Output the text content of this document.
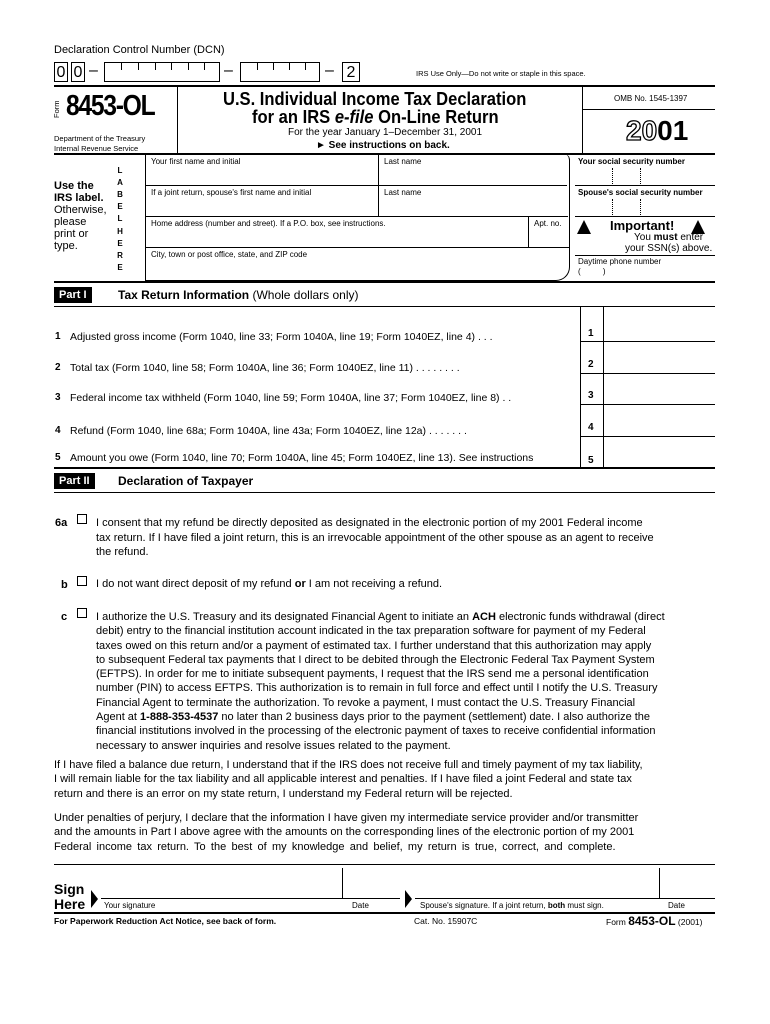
Declaration Control Number (DCN)
0 0 –	–	– 2	IRS Use Only—Do not write or staple in this space.
Form 8453-OL
Department of the Treasury
Internal Revenue Service
U.S. Individual Income Tax Declaration
for an IRS e-file On-Line Return
For the year January 1–December 31, 2001
► See instructions on back.
OMB No. 1545-1397
2001
Use the
IRS label.
Otherwise,
please
print or
type.
L
A
B
E
L
H
E
R
E
Your first name and initial	Last name
If a joint return, spouse's first name and initial	Last name
Home address (number and street). If a P.O. box, see instructions.	Apt. no.
City, town or post office, state, and ZIP code
Your social security number
Spouse's social security number
Important!
You must enter
your SSN(s) above.
Daytime phone number
(          )
Part I	Tax Return Information (Whole dollars only)
1 Adjusted gross income (Form 1040, line 33; Form 1040A, line 19; Form 1040EZ, line 4) . . .	1
2 Total tax (Form 1040, line 58; Form 1040A, line 36; Form 1040EZ, line 11) . . . . . . . .	2
3 Federal income tax withheld (Form 1040, line 59; Form 1040A, line 37; Form 1040EZ, line 8) . .	3
4 Refund (Form 1040, line 68a; Form 1040A, line 43a; Form 1040EZ, line 12a) . . . . . . .	4
5 Amount you owe (Form 1040, line 70; Form 1040A, line 45; Form 1040EZ, line 13). See instructions	5
Part II	Declaration of Taxpayer
6a	I consent that my refund be directly deposited as designated in the electronic portion of my 2001 Federal income
tax return. If I have filed a joint return, this is an irrevocable appointment of the other spouse as an agent to receive
the refund.
b	I do not want direct deposit of my refund or I am not receiving a refund.
c	I authorize the U.S. Treasury and its designated Financial Agent to initiate an ACH electronic funds withdrawal (direct
debit) entry to the financial institution account indicated in the tax preparation software for payment of my Federal
taxes owed on this return and/or a payment of estimated tax. I further understand that this authorization may apply
to subsequent Federal tax payments that I direct to be debited through the Electronic Federal Tax Payment System
(EFTPS). In order for me to initiate subsequent payments, I request that the IRS send me a personal identification
number (PIN) to access EFTPS. This authorization is to remain in full force and effect until I notify the U.S. Treasury
Financial Agent to terminate the authorization. To revoke a payment, I must contact the U.S. Treasury Financial
Agent at 1-888-353-4537 no later than 2 business days prior to the payment (settlement) date. I also authorize the
financial institutions involved in the processing of the electronic payment of taxes to receive confidential information
necessary to answer inquiries and resolve issues related to the payment.
If I have filed a balance due return, I understand that if the IRS does not receive full and timely payment of my tax liability,
I will remain liable for the tax liability and all applicable interest and penalties. If I have filed a joint Federal and state tax
return and there is an error on my state return, I understand my Federal return will be rejected.
Under penalties of perjury, I declare that the information I have given my intermediate service provider and/or transmitter
and the amounts in Part I above agree with the amounts on the corresponding lines of the electronic portion of my 2001
Federal income tax return. To the best of my knowledge and belief, my return is true, correct, and complete.
Sign
Here Your signature	Date	Spouse's signature. If a joint return, both must sign.	Date
For Paperwork Reduction Act Notice, see back of form.	Cat. No. 15907C	Form 8453-OL (2001)
